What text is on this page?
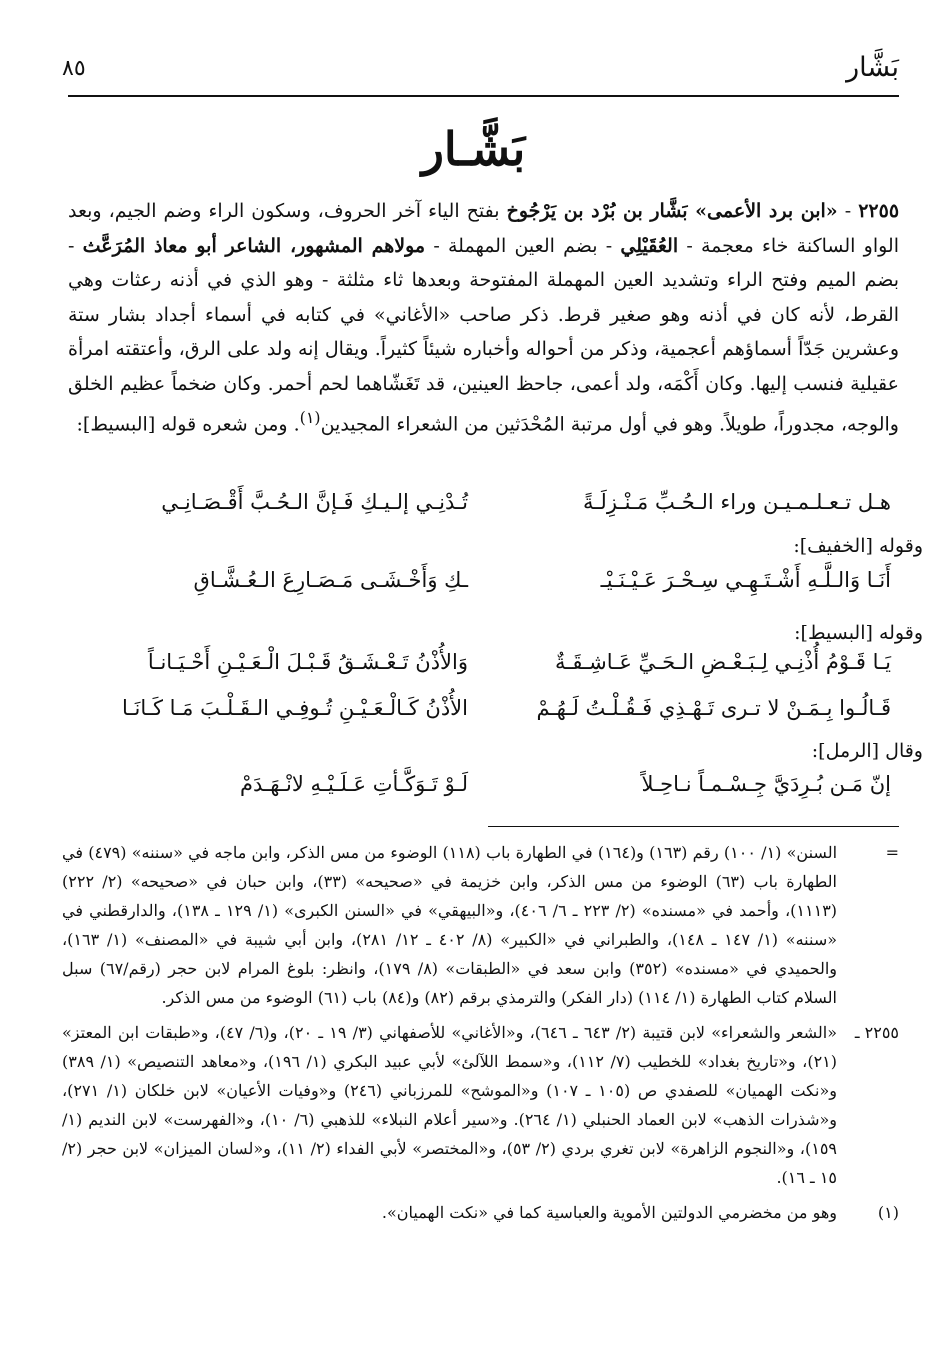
بَشَّار
٨٥
بَشَّـار

٢٢٥٥ - «ابن برد الأعمى» بَشَّار بن بُرْد بن يَرْجُوخ بفتح الياء آخر الحروف، وسكون الراء وضم الجيم، وبعد الواو الساكنة خاء معجمة - العُقَيْلِي - بضم العين المهملة - مولاهم المشهور، الشاعر أبو معاذ المُرَعَّث - بضم الميم وفتح الراء وتشديد العين المهملة المفتوحة وبعدها ثاء مثلثة - وهو الذي في أذنه رعثات وهي القرط، لأنه كان في أذنه وهو صغير قرط. ذكر صاحب «الأغاني» في كتابه في أسماء أجداد بشار ستة وعشرين جَدّاً أسماؤهم أعجمية، وذكر من أحواله وأخباره شيئاً كثيراً. ويقال إنه ولد على الرق، وأعتقته امرأة عقيلية فنسب إليها. وكان أَكْمَه، ولد أعمى، جاحظ العينين، قد تَغَشّاهما لحم أحمر. وكان ضخماً عظيم الخلق والوجه، مجدوراً، طويلاً. وهو في أول مرتبة المُحْدَثين من الشعراء المجيدين$^{(١)}$. ومن شعره قوله [البسيط]:

هـل تـعـلـمـيـن وراء الـحُـبِّ مَـنْـزِلَـةً
تُـدْنِـي إلـيـكِ فَـإنَّ الـحُـبَّ أَقْـصَـانِـي
وقوله [الخفيف]:
أَنَـا وَالـلَّـهِ أَشْـتَـهِـي سِـحْـرَ عَـيْـنَـيْـ
ـكِ وَأَخْـشَـى مَـصَـارِعَ الـعُـشَّـاقِ
وقوله [البسيط]:
يَـا قَـوْمُ أُذْنِـي لِـبَـعْـضِ الـحَـيِّ عَـاشِـقَـةٌ
وَالأُذْنُ تَـعْـشَـقُ قَـبْـلَ الْـعَـيْـنِ أَحْـيَـانـاً
قَـالُـوا بِـمَـنْ لا تـرى تَـهْـذِي فَـقُـلْـتُ لَـهُـمْ
الأُذْنُ كَـالْـعَـيْـنِ تُـوفِـي الـقَـلْـبَ مَـا كَـانَـا
وقال [الرمل]:
إنّ مَـن بُـرِدَيَّ جِـسْـمـاً نـاحِـلاً
لَـوْ تَـوَكَّـأتِ عَـلَـيْـهِ لانْـهَـدَمْ
=
السنن» (١/ ١٠٠) رقم (١٦٣) و(١٦٤) في الطهارة باب (١١٨) الوضوء من مس الذكر، وابن ماجه في «سننه» (٤٧٩) في الطهارة باب (٦٣) الوضوء من مس الذكر، وابن خزيمة في «صحيحه» (٣٣)، وابن حبان في «صحيحه» (٢/ ٢٢٢) (١١١٣)، وأحمد في «مسنده» (٢/ ٢٢٣ ـ ٦/ ٤٠٦)، و«البيهقي» في «السنن الكبرى» (١/ ١٢٩ ـ ١٣٨)، والدارقطني في «سننه» (١/ ١٤٧ ـ ١٤٨)، والطبراني في «الكبير» (٨/ ٤٠٢ ـ ١٢/ ٢٨١)، وابن أبي شيبة في «المصنف» (١/ ١٦٣)، والحميدي في «مسنده» (٣٥٢) وابن سعد في «الطبقات» (٨/ ١٧٩)، وانظر: بلوغ المرام لابن حجر (رقم/٦٧) سبل السلام كتاب الطهارة (١/ ١١٤) (دار الفكر) والترمذي برقم (٨٢) و(٨٤) باب (٦١) الوضوء من مس الذكر.
٢٢٥٥ ـ
«الشعر والشعراء» لابن قتيبة (٢/ ٦٤٣ ـ ٦٤٦)، و«الأغاني» للأصفهاني (٣/ ١٩ ـ ٢٠)، و(٦/ ٤٧)، و«طبقات ابن المعتز» (٢١)، و«تاريخ بغداد» للخطيب (٧/ ١١٢)، و«سمط اللآلئ» لأبي عبيد البكري (١/ ١٩٦)، و«معاهد التنصيص» (١/ ٣٨٩) و«نكت الهميان» للصفدي ص (١٠٥ ـ ١٠٧) و«الموشح» للمرزباني (٢٤٦) و«وفيات الأعيان» لابن خلكان (١/ ٢٧١)، و«شذرات الذهب» لابن العماد الحنبلي (١/ ٢٦٤). و«سير أعلام النبلاء» للذهبي (٦/ ١٠)، و«الفهرست» لابن النديم (١/ ١٥٩)، و«النجوم الزاهرة» لابن تغري بردي (٢/ ٥٣)، و«المختصر» لأبي الفداء (٢/ ١١)، و«لسان الميزان» لابن حجر (٢/ ١٥ ـ ١٦).
(١)
وهو من مخضرمي الدولتين الأموية والعباسية كما في «نكت الهميان».
